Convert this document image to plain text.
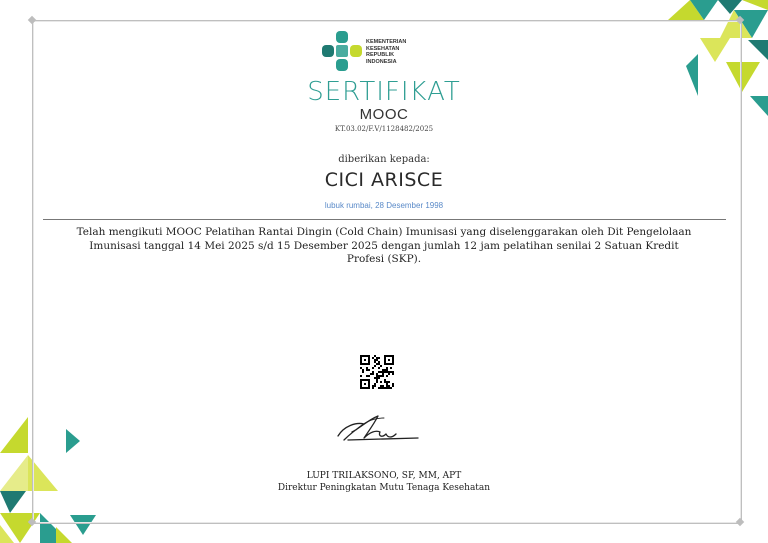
KEMENTERIAN
KESEHATAN
REPUBLIK
INDONESIA
SERTIFIKAT
MOOC
KT.03.02/F.V/1128482/2025
diberikan kepada:
CICI ARISCE
lubuk rumbai, 28 Desember 1998
Telah mengikuti MOOC Pelatihan Rantai Dingin (Cold Chain) Imunisasi yang diselenggarakan oleh Dit Pengelolaan Imunisasi tanggal 14 Mei 2025 s/d 15 Desember 2025 dengan jumlah 12 jam pelatihan senilai 2 Satuan Kredit Profesi (SKP).
LUPI TRILAKSONO, SF, MM, APT
Direktur Peningkatan Mutu Tenaga Kesehatan
